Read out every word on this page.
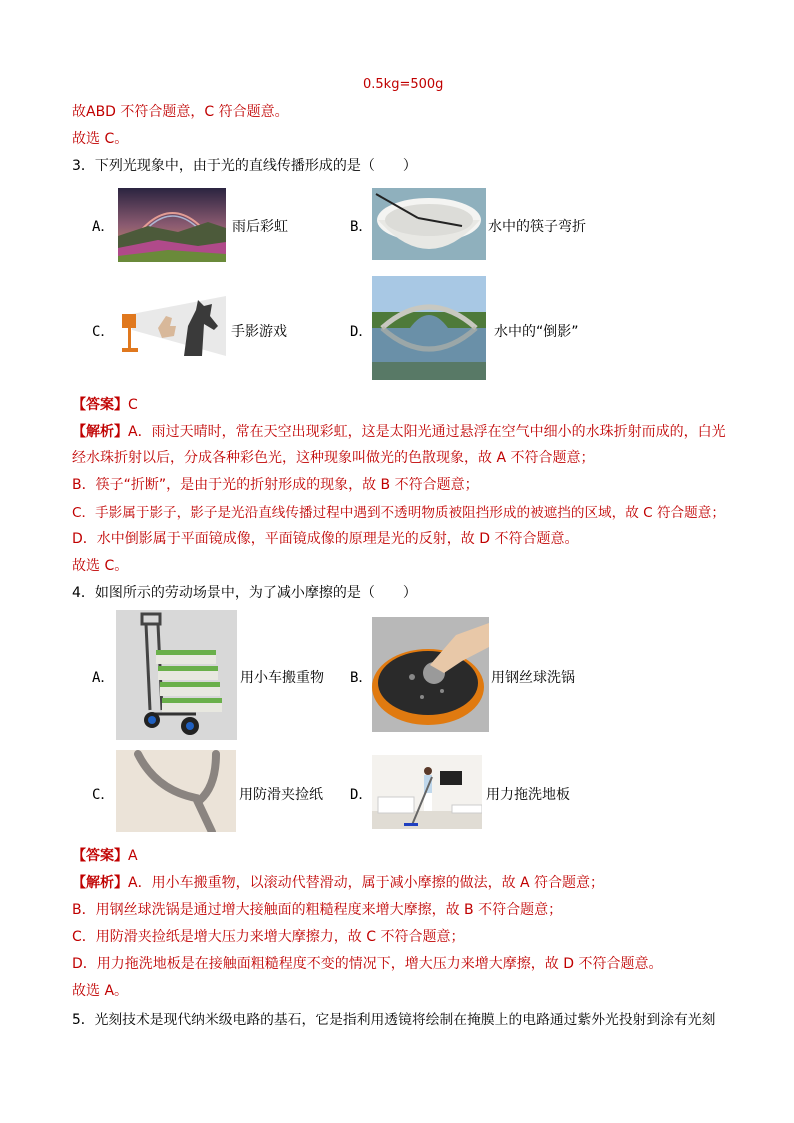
0.5kg=500g
故ABD 不符合题意，C 符合题意。
故选 C。
3．下列光现象中，由于光的直线传播形成的是（　　）
A．	雨后彩虹	B．	水中的筷子弯折
C．	手影游戏	D．	水中的“倒影”
【答案】C
【解析】A．雨过天晴时，常在天空出现彩虹，这是太阳光通过悬浮在空气中细小的水珠折射而成的，白光
经水珠折射以后，分成各种彩色光，这种现象叫做光的色散现象，故 A 不符合题意；
B．筷子“折断”，是由于光的折射形成的现象，故 B 不符合题意；
C．手影属于影子，影子是光沿直线传播过程中遇到不透明物质被阻挡形成的被遮挡的区域，故 C 符合题意；
D．水中倒影属于平面镜成像，平面镜成像的原理是光的反射，故 D 不符合题意。
故选 C。
4．如图所示的劳动场景中，为了减小摩擦的是（　　）
A．	用小车搬重物 B．	用钢丝球洗锅
C．	用防滑夹捡纸 D．	用力拖洗地板
【答案】A
【解析】A．用小车搬重物，以滚动代替滑动，属于减小摩擦的做法，故 A 符合题意；
B．用钢丝球洗锅是通过增大接触面的粗糙程度来增大摩擦，故 B 不符合题意；
C．用防滑夹捡纸是增大压力来增大摩擦力，故 C 不符合题意；
D．用力拖洗地板是在接触面粗糙程度不变的情况下，增大压力来增大摩擦，故 D 不符合题意。
故选 A。
5．光刻技术是现代纳米级电路的基石，它是指利用透镜将绘制在掩膜上的电路通过紫外光投射到涂有光刻
